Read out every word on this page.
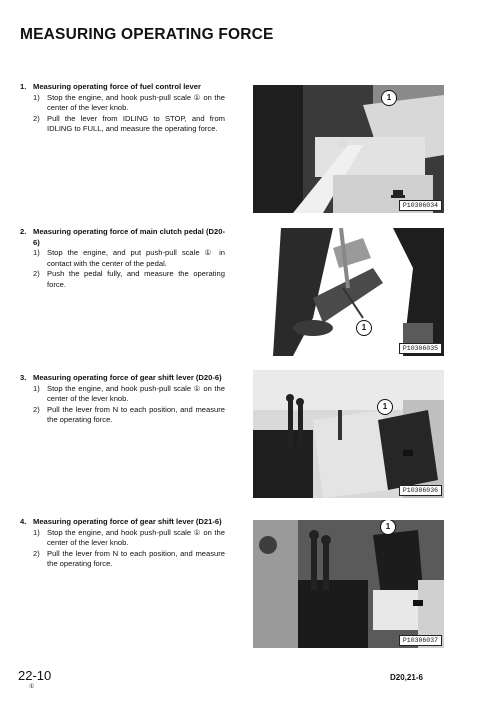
MEASURING OPERATING FORCE
1. Measuring operating force of fuel control lever
1) Stop the engine, and hook push-pull scale ① on the center of the lever knob.
2) Pull the lever from IDLING to STOP, and from IDLING to FULL, and measure the operating force.
1
P10306034
2. Measuring operating force of main clutch pedal (D20-6)
1) Stop the engine, and put push-pull scale ① in contact with the center of the pedal.
2) Push the pedal fully, and measure the operating force.
1
P10306035
3. Measuring operating force of gear shift lever (D20-6)
1) Stop the engine, and hook push-pull scale ① on the center of the lever knob.
2) Pull the lever from N to each position, and measure the operating force.
1
P10306036
4. Measuring operating force of gear shift lever (D21-6)
1) Stop the engine, and hook push-pull scale ① on the center of the lever knob.
2) Pull the lever from N to each position, and measure the operating force.
1
P10306037
22-10
①
D20,21-6
